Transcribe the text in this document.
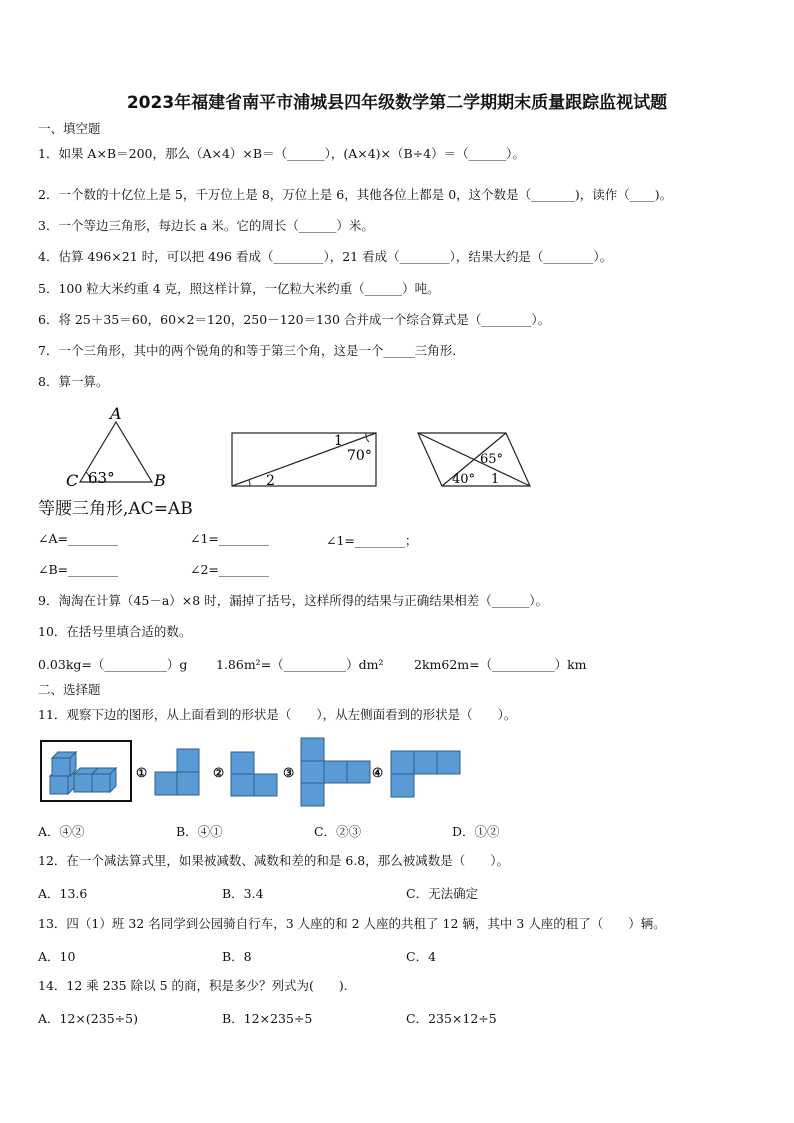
2023年福建省南平市浦城县四年级数学第二学期期末质量跟踪监视试题
一、填空题
1．如果 A×B＝200，那么（A×4）×B＝（______），(A×4)×（B÷4）＝（______）。
2．一个数的十亿位上是 5，千万位上是 8，万位上是 6，其他各位上都是 0，这个数是（_______)，读作（____)。
3．一个等边三角形，每边长 a 米。它的周长（______）米。
4．估算 496×21 时，可以把 496 看成（________），21 看成（________），结果大约是（________）。
5．100 粒大米约重 4 克，照这样计算，一亿粒大米约重（______）吨。
6．将 25＋35＝60，60×2＝120，250－120＝130 合并成一个综合算式是（________）。
7．一个三角形，其中的两个锐角的和等于第三个角，这是一个_____三角形.
8．算一算。
A
B
C 63°
1
70°
2
65°
40° 1
等腰三角形,AC=AB
∠A=________	∠1=________	∠1=________；
∠B=________	∠2=________
9．淘淘在计算（45－a）×8 时，漏掉了括号，这样所得的结果与正确结果相差（______）。
10．在括号里填合适的数。
0.03kg=（__________）g 1.86m²=（__________）dm² 2km62m=（__________）km
二、选择题
11．观察下边的图形，从上面看到的形状是（　　），从左侧面看到的形状是（　　）。
①	②	③	④
A．④②	B．④①	C．②③	D．①②
12．在一个减法算式里，如果被减数、减数和差的和是 6.8，那么被减数是（　　）。
A．13.6	B．3.4	C．无法确定
13．四（1）班 32 名同学到公园骑自行车，3 人座的和 2 人座的共租了 12 辆，其中 3 人座的租了（　　）辆。
A．10	B．8	C．4
14．12 乘 235 除以 5 的商，积是多少？列式为(　　).
A．12×(235÷5)	B．12×235÷5	C．235×12÷5
